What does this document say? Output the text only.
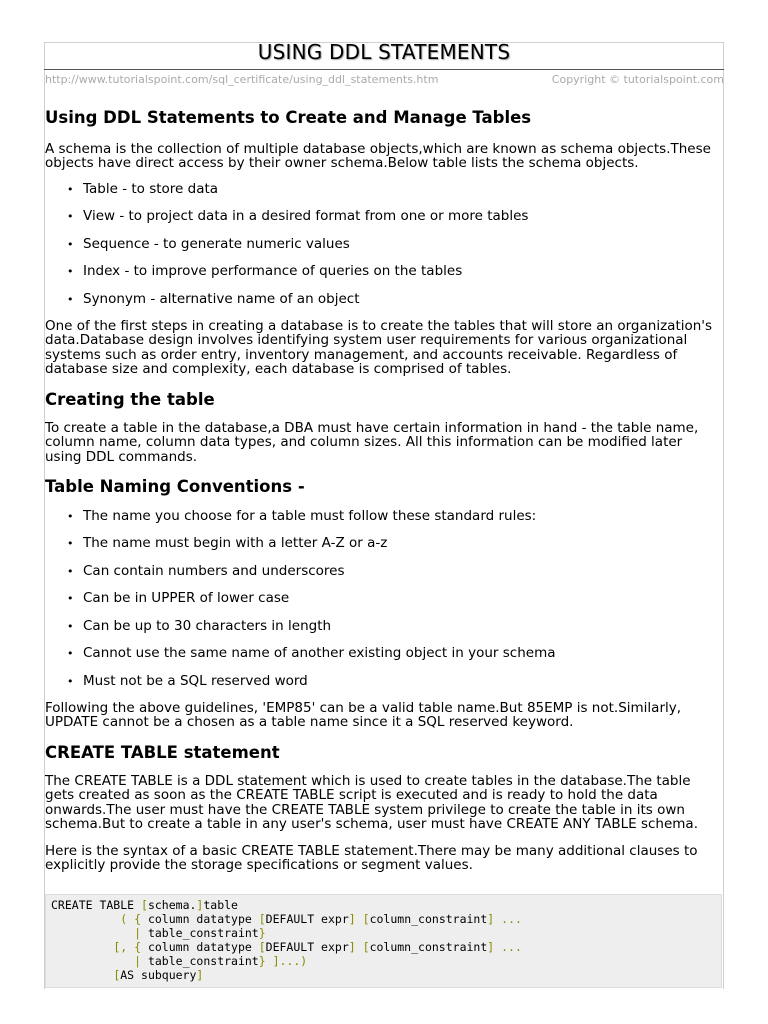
USING DDL STATEMENTS
http://www.tutorialspoint.com/sql_certificate/using_ddl_statements.htm	Copyright © tutorialspoint.com
Using DDL Statements to Create and Manage Tables

A schema is the collection of multiple database objects,which are known as schema objects.These
objects have direct access by their owner schema.Below table lists the schema objects.

• Table - to store data
• View - to project data in a desired format from one or more tables
• Sequence - to generate numeric values
• Index - to improve performance of queries on the tables
• Synonym - alternative name of an object

One of the first steps in creating a database is to create the tables that will store an organization's
data.Database design involves identifying system user requirements for various organizational
systems such as order entry, inventory management, and accounts receivable. Regardless of
database size and complexity, each database is comprised of tables.

Creating the table

To create a table in the database,a DBA must have certain information in hand - the table name,
column name, column data types, and column sizes. All this information can be modified later
using DDL commands.

Table Naming Conventions -
• The name you choose for a table must follow these standard rules:
• The name must begin with a letter A-Z or a-z
• Can contain numbers and underscores
• Can be in UPPER of lower case
• Can be up to 30 characters in length
• Cannot use the same name of another existing object in your schema
• Must not be a SQL reserved word

Following the above guidelines, 'EMP85' can be a valid table name.But 85EMP is not.Similarly,
UPDATE cannot be a chosen as a table name since it a SQL reserved keyword.

CREATE TABLE statement

The CREATE TABLE is a DDL statement which is used to create tables in the database.The table
gets created as soon as the CREATE TABLE script is executed and is ready to hold the data
onwards.The user must have the CREATE TABLE system privilege to create the table in its own
schema.But to create a table in any user's schema, user must have CREATE ANY TABLE schema.

Here is the syntax of a basic CREATE TABLE statement.There may be many additional clauses to
explicitly provide the storage specifications or segment values.

CREATE TABLE [schema.]table
( { column datatype [DEFAULT expr] [column_constraint] ...
| table_constraint}
[, { column datatype [DEFAULT expr] [column_constraint] ...
| table_constraint} ]...)
[AS subquery]
